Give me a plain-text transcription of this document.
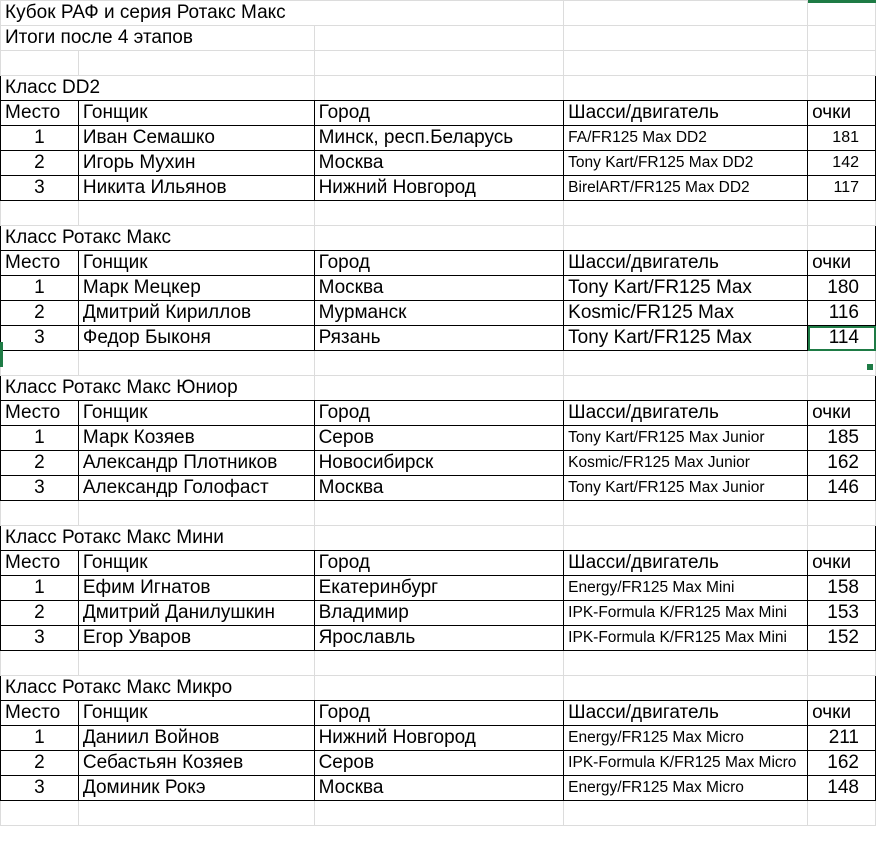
Кубок РАФ и серия Ротакс Макс				
Итоги после 4 этапов				

Класс DD2				
Место	Гонщик	Город	Шасси/двигатель	очки
1	Иван Семашко	Минск, респ.Беларусь	FA/FR125 Max DD2	181
2	Игорь Мухин	Москва	Tony Kart/FR125 Max DD2	142
3	Никита Ильянов	Нижний Новгород	BirelART/FR125 Max DD2	117

Класс Ротакс Макс				
Место	Гонщик	Город	Шасси/двигатель	очки
1	Марк Мецкер	Москва	Tony Kart/FR125 Max	180
2	Дмитрий Кириллов	Мурманск	Kosmic/FR125 Max	116
3	Федор Быконя	Рязань	Tony Kart/FR125 Max	114

Класс Ротакс Макс Юниор				
Место	Гонщик	Город	Шасси/двигатель	очки
1	Марк Козяев	Серов	Tony Kart/FR125 Max Junior	185
2	Александр Плотников	Новосибирск	Kosmic/FR125 Max Junior	162
3	Александр Голофаст	Москва	Tony Kart/FR125 Max Junior	146

Класс Ротакс Макс Мини				
Место	Гонщик	Город	Шасси/двигатель	очки
1	Ефим Игнатов	Екатеринбург	Energy/FR125 Max Mini	158
2	Дмитрий Данилушкин	Владимир	IPK-Formula K/FR125 Max Mini	153
3	Егор Уваров	Ярославль	IPK-Formula K/FR125 Max Mini	152

Класс Ротакс Макс Микро				
Место	Гонщик	Город	Шасси/двигатель	очки
1	Даниил Войнов	Нижний Новгород	Energy/FR125 Max Micro	211
2	Себастьян Козяев	Серов	IPK-Formula K/FR125 Max Micro	162
3	Доминик Рокэ	Москва	Energy/FR125 Max Micro	148
